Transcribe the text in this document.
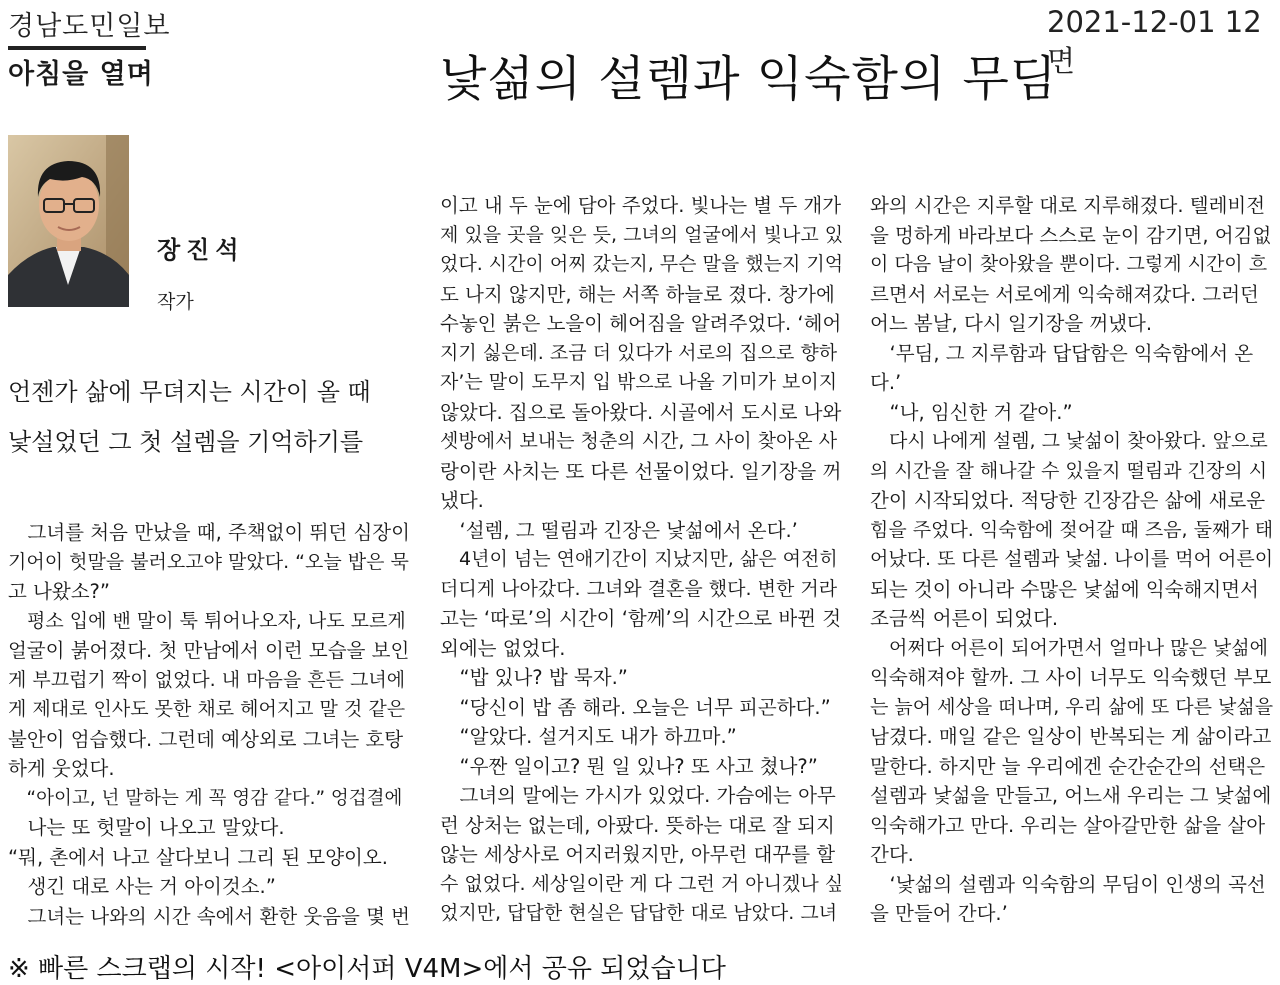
경남도민일보
아침을 열며
2021-12-01 12면
낯섦의 설렘과 익숙함의 무딤
장진석
작가
언젠가 삶에 무뎌지는 시간이 올 때
낯설었던 그 첫 설렘을 기억하기를

그녀를 처음 만났을 때, 주책없이 뛰던 심장이

기어이 헛말을 불러오고야 말았다. “오늘 밥은 묵

고 나왔소?”

평소 입에 밴 말이 툭 튀어나오자, 나도 모르게

얼굴이 붉어졌다. 첫 만남에서 이런 모습을 보인

게 부끄럽기 짝이 없었다. 내 마음을 흔든 그녀에

게 제대로 인사도 못한 채로 헤어지고 말 것 같은

불안이 엄습했다. 그런데 예상외로 그녀는 호탕

하게 웃었다.

“아이고, 넌 말하는 게 꼭 영감 같다.” 엉겁결에

나는 또 헛말이 나오고 말았다.

“뭐, 촌에서 나고 살다보니 그리 된 모양이오.

생긴 대로 사는 거 아이것소.”

그녀는 나와의 시간 속에서 환한 웃음을 몇 번

이고 내 두 눈에 담아 주었다. 빛나는 별 두 개가

제 있을 곳을 잊은 듯, 그녀의 얼굴에서 빛나고 있

었다. 시간이 어찌 갔는지, 무슨 말을 했는지 기억

도 나지 않지만, 해는 서쪽 하늘로 졌다. 창가에

수놓인 붉은 노을이 헤어짐을 알려주었다. ‘헤어

지기 싫은데. 조금 더 있다가 서로의 집으로 향하

자’는 말이 도무지 입 밖으로 나올 기미가 보이지

않았다. 집으로 돌아왔다. 시골에서 도시로 나와

셋방에서 보내는 청춘의 시간, 그 사이 찾아온 사

랑이란 사치는 또 다른 선물이었다. 일기장을 꺼

냈다.

‘설렘, 그 떨림과 긴장은 낯섦에서 온다.’

4년이 넘는 연애기간이 지났지만, 삶은 여전히

더디게 나아갔다. 그녀와 결혼을 했다. 변한 거라

고는 ‘따로’의 시간이 ‘함께’의 시간으로 바뀐 것

외에는 없었다.

“밥 있나? 밥 묵자.”

“당신이 밥 좀 해라. 오늘은 너무 피곤하다.”

“알았다. 설거지도 내가 하끄마.”

“우짠 일이고? 뭔 일 있나? 또 사고 쳤나?”

그녀의 말에는 가시가 있었다. 가슴에는 아무

런 상처는 없는데, 아팠다. 뜻하는 대로 잘 되지

않는 세상사로 어지러웠지만, 아무런 대꾸를 할

수 없었다. 세상일이란 게 다 그런 거 아니겠나 싶

었지만, 답답한 현실은 답답한 대로 남았다. 그녀

와의 시간은 지루할 대로 지루해졌다. 텔레비전

을 멍하게 바라보다 스스로 눈이 감기면, 어김없

이 다음 날이 찾아왔을 뿐이다. 그렇게 시간이 흐

르면서 서로는 서로에게 익숙해져갔다. 그러던

어느 봄날, 다시 일기장을 꺼냈다.

‘무딤, 그 지루함과 답답함은 익숙함에서 온

다.’

“나, 임신한 거 같아.”

다시 나에게 설렘, 그 낯섦이 찾아왔다. 앞으로

의 시간을 잘 해나갈 수 있을지 떨림과 긴장의 시

간이 시작되었다. 적당한 긴장감은 삶에 새로운

힘을 주었다. 익숙함에 젖어갈 때 즈음, 둘째가 태

어났다. 또 다른 설렘과 낯섦. 나이를 먹어 어른이

되는 것이 아니라 수많은 낯섦에 익숙해지면서

조금씩 어른이 되었다.

어쩌다 어른이 되어가면서 얼마나 많은 낯섦에

익숙해져야 할까. 그 사이 너무도 익숙했던 부모

는 늙어 세상을 떠나며, 우리 삶에 또 다른 낯섦을

남겼다. 매일 같은 일상이 반복되는 게 삶이라고

말한다. 하지만 늘 우리에겐 순간순간의 선택은

설렘과 낯섦을 만들고, 어느새 우리는 그 낯섦에

익숙해가고 만다. 우리는 살아갈만한 삶을 살아

간다.

‘낯섦의 설렘과 익숙함의 무딤이 인생의 곡선

을 만들어 간다.’

※ 빠른 스크랩의 시작! <아이서퍼 V4M>에서 공유 되었습니다
